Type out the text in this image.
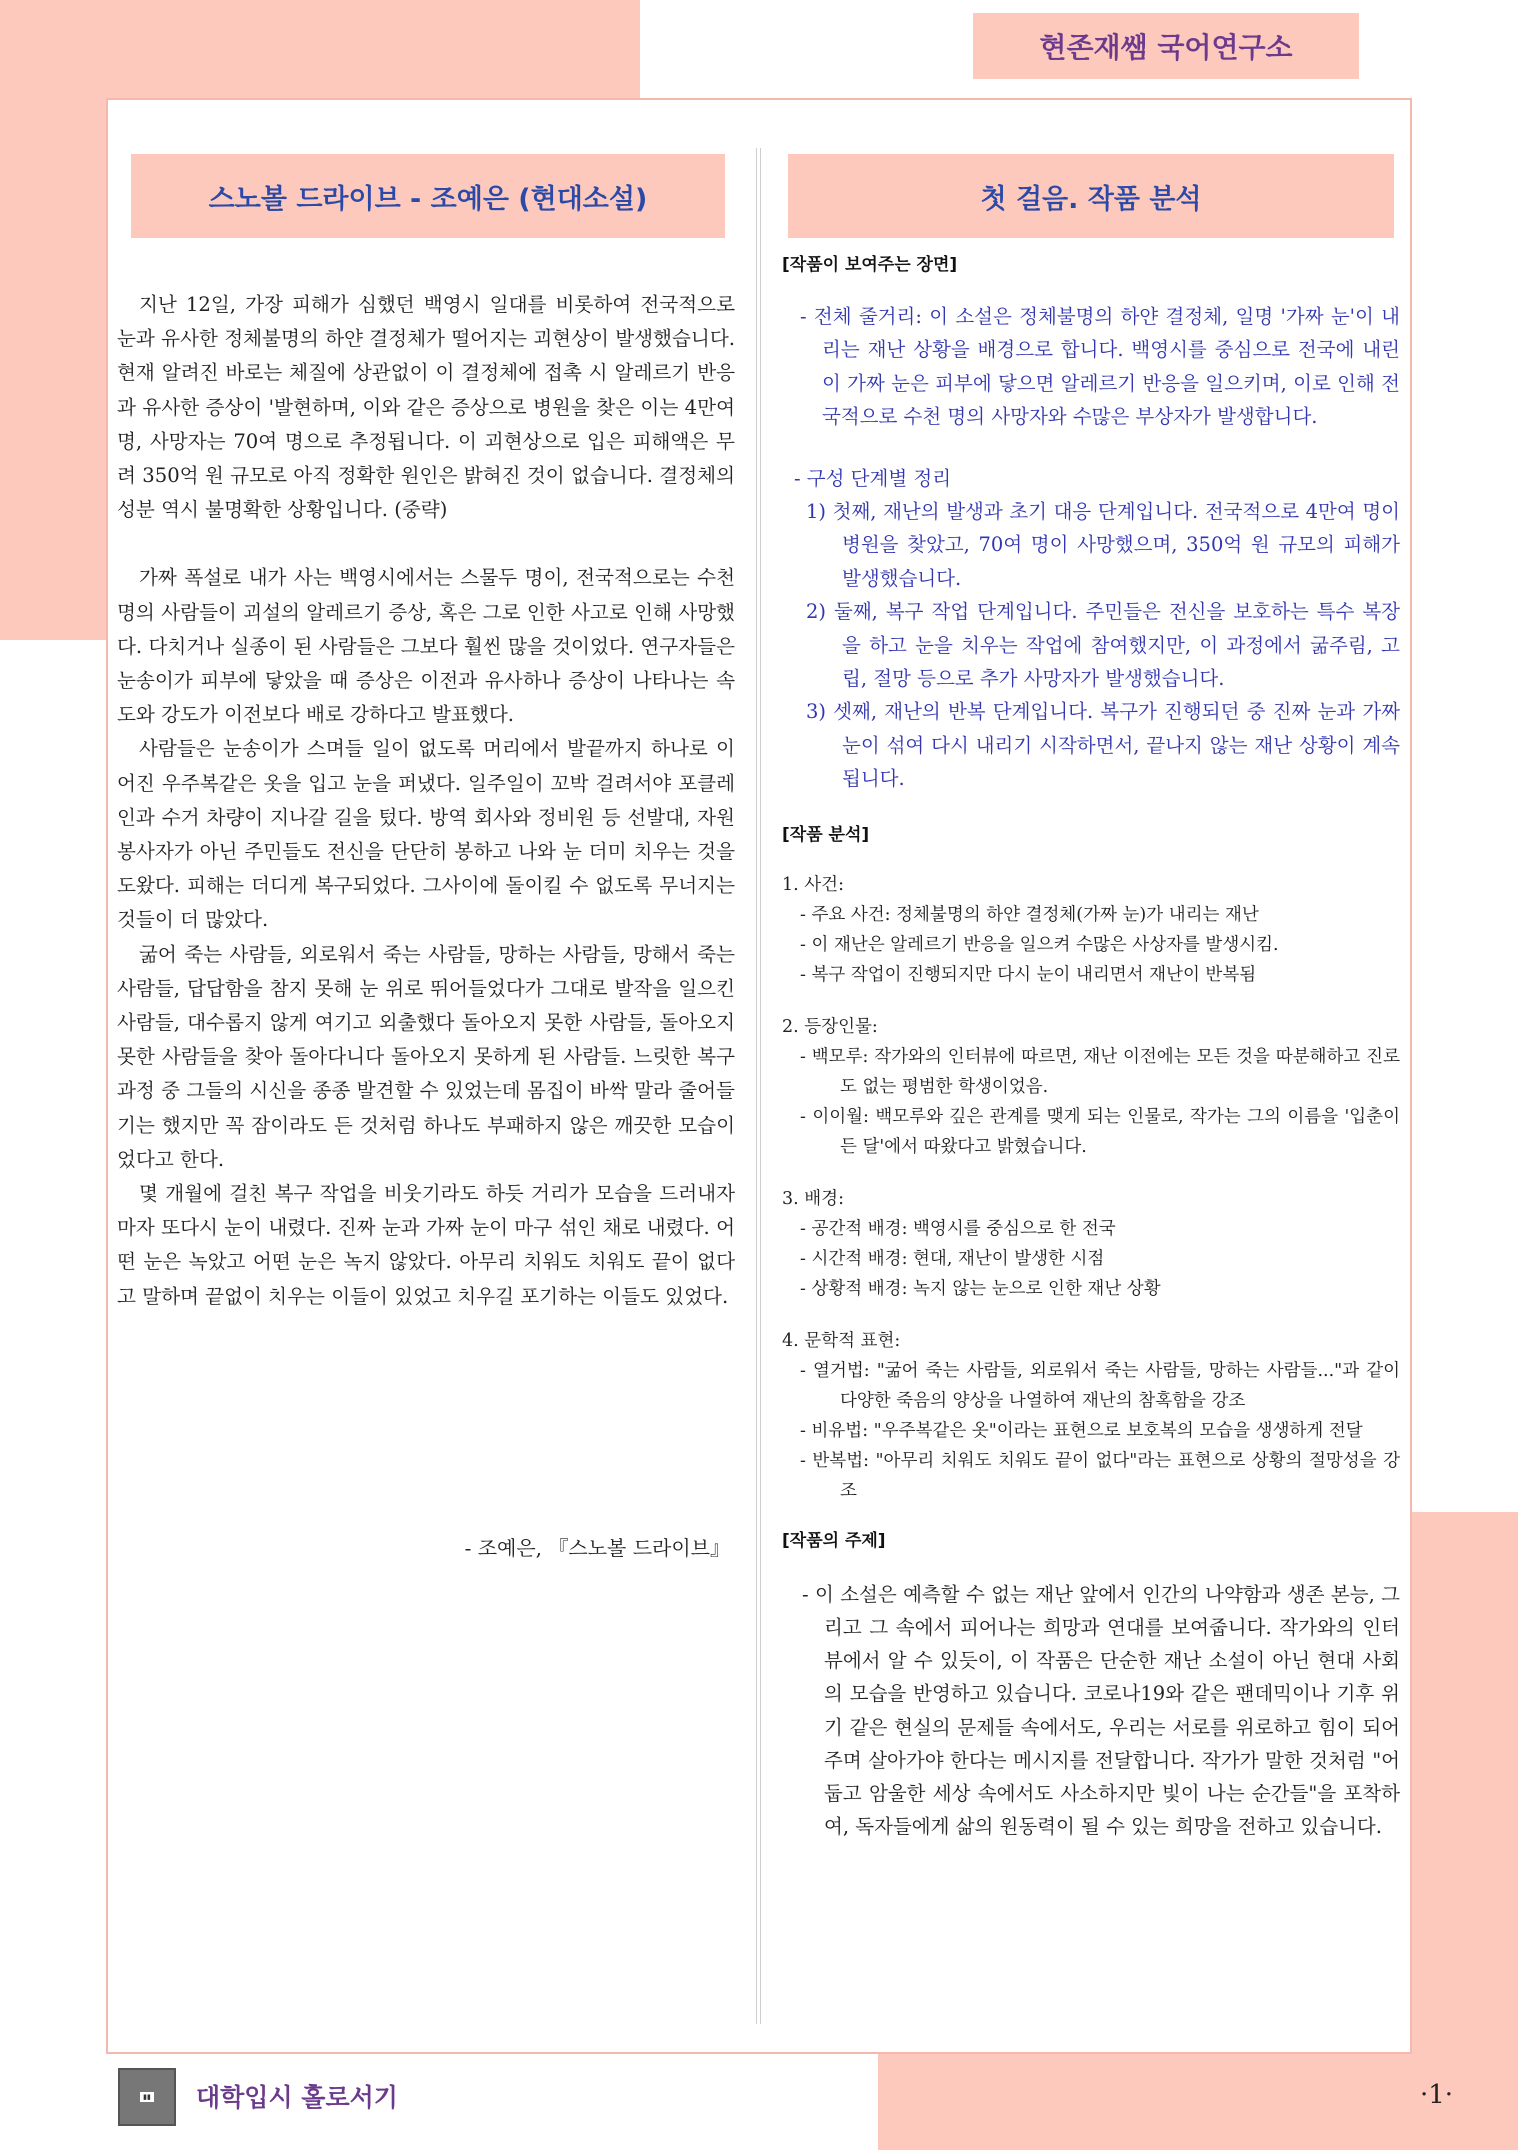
현존재쌤 국어연구소
스노볼 드라이브 - 조예은 (현대소설)	첫 걸음. 작품 분석

지난 12일, 가장 피해가 심했던 백영시 일대를 비롯하여 전국적으로 눈과 유사한 정체불명의 하얀 결정체가 떨어지는 괴현상이 발생했습니다. 현재 알려진 바로는 체질에 상관없이 이 결정체에 접촉 시 알레르기 반응과 유사한 증상이 '발현하며, 이와 같은 증상으로 병원을 찾은 이는 4만여 명, 사망자는 70여 명으로 추정됩니다. 이 괴현상으로 입은 피해액은 무려 350억 원 규모로 아직 정확한 원인은 밝혀진 것이 없습니다. 결정체의 성분 역시 불명확한 상황입니다. (중략)

가짜 폭설로 내가 사는 백영시에서는 스물두 명이, 전국적으로는 수천 명의 사람들이 괴설의 알레르기 증상, 혹은 그로 인한 사고로 인해 사망했다. 다치거나 실종이 된 사람들은 그보다 훨씬 많을 것이었다. 연구자들은 눈송이가 피부에 닿았을 때 증상은 이전과 유사하나 증상이 나타나는 속도와 강도가 이전보다 배로 강하다고 발표했다.

사람들은 눈송이가 스며들 일이 없도록 머리에서 발끝까지 하나로 이어진 우주복같은 옷을 입고 눈을 퍼냈다. 일주일이 꼬박 걸려서야 포클레인과 수거 차량이 지나갈 길을 텄다. 방역 회사와 정비원 등 선발대, 자원봉사자가 아닌 주민들도 전신을 단단히 봉하고 나와 눈 더미 치우는 것을 도왔다. 피해는 더디게 복구되었다. 그사이에 돌이킬 수 없도록 무너지는 것들이 더 많았다.

굶어 죽는 사람들, 외로워서 죽는 사람들, 망하는 사람들, 망해서 죽는 사람들, 답답함을 참지 못해 눈 위로 뛰어들었다가 그대로 발작을 일으킨 사람들, 대수롭지 않게 여기고 외출했다 돌아오지 못한 사람들, 돌아오지 못한 사람들을 찾아 돌아다니다 돌아오지 못하게 된 사람들. 느릿한 복구 과정 중 그들의 시신을 종종 발견할 수 있었는데 몸집이 바싹 말라 줄어들기는 했지만 꼭 잠이라도 든 것처럼 하나도 부패하지 않은 깨끗한 모습이었다고 한다.

몇 개월에 걸친 복구 작업을 비웃기라도 하듯 거리가 모습을 드러내자마자 또다시 눈이 내렸다. 진짜 눈과 가짜 눈이 마구 섞인 채로 내렸다. 어떤 눈은 녹았고 어떤 눈은 녹지 않았다. 아무리 치워도 치워도 끝이 없다고 말하며 끝없이 치우는 이들이 있었고 치우길 포기하는 이들도 있었다.

- 조예은, 『스노볼 드라이브』

[작품이 보여주는 장면]

- 전체 줄거리: 이 소설은 정체불명의 하얀 결정체, 일명 '가짜 눈'이 내리는 재난 상황을 배경으로 합니다. 백영시를 중심으로 전국에 내린 이 가짜 눈은 피부에 닿으면 알레르기 반응을 일으키며, 이로 인해 전국적으로 수천 명의 사망자와 수많은 부상자가 발생합니다.

- 구성 단계별 정리

1) 첫째, 재난의 발생과 초기 대응 단계입니다. 전국적으로 4만여 명이 병원을 찾았고, 70여 명이 사망했으며, 350억 원 규모의 피해가 발생했습니다.

2) 둘째, 복구 작업 단계입니다. 주민들은 전신을 보호하는 특수 복장을 하고 눈을 치우는 작업에 참여했지만, 이 과정에서 굶주림, 고립, 절망 등으로 추가 사망자가 발생했습니다.

3) 셋째, 재난의 반복 단계입니다. 복구가 진행되던 중 진짜 눈과 가짜 눈이 섞여 다시 내리기 시작하면서, 끝나지 않는 재난 상황이 계속됩니다.

[작품 분석]

1. 사건:

- 주요 사건: 정체불명의 하얀 결정체(가짜 눈)가 내리는 재난

- 이 재난은 알레르기 반응을 일으켜 수많은 사상자를 발생시킴.

- 복구 작업이 진행되지만 다시 눈이 내리면서 재난이 반복됨

2. 등장인물:

- 백모루: 작가와의 인터뷰에 따르면, 재난 이전에는 모든 것을 따분해하고 진로도 없는 평범한 학생이었음.

- 이이월: 백모루와 깊은 관계를 맺게 되는 인물로, 작가는 그의 이름을 '입춘이 든 달'에서 따왔다고 밝혔습니다.

3. 배경:

- 공간적 배경: 백영시를 중심으로 한 전국

- 시간적 배경: 현대, 재난이 발생한 시점

- 상황적 배경: 녹지 않는 눈으로 인한 재난 상황

4. 문학적 표현:

- 열거법: "굶어 죽는 사람들, 외로워서 죽는 사람들, 망하는 사람들..."과 같이 다양한 죽음의 양상을 나열하여 재난의 참혹함을 강조

- 비유법: "우주복같은 옷"이라는 표현으로 보호복의 모습을 생생하게 전달

- 반복법: "아무리 치워도 치워도 끝이 없다"라는 표현으로 상황의 절망성을 강조

[작품의 주제]

- 이 소설은 예측할 수 없는 재난 앞에서 인간의 나약함과 생존 본능, 그리고 그 속에서 피어나는 희망과 연대를 보여줍니다. 작가와의 인터뷰에서 알 수 있듯이, 이 작품은 단순한 재난 소설이 아닌 현대 사회의 모습을 반영하고 있습니다. 코로나19와 같은 팬데믹이나 기후 위기 같은 현실의 문제들 속에서도, 우리는 서로를 위로하고 힘이 되어주며 살아가야 한다는 메시지를 전달합니다. 작가가 말한 것처럼 "어둡고 암울한 세상 속에서도 사소하지만 빛이 나는 순간들"을 포착하여, 독자들에게 삶의 원동력이 될 수 있는 희망을 전하고 있습니다.

▮▮ 대학입시 홀로서기	·1·
